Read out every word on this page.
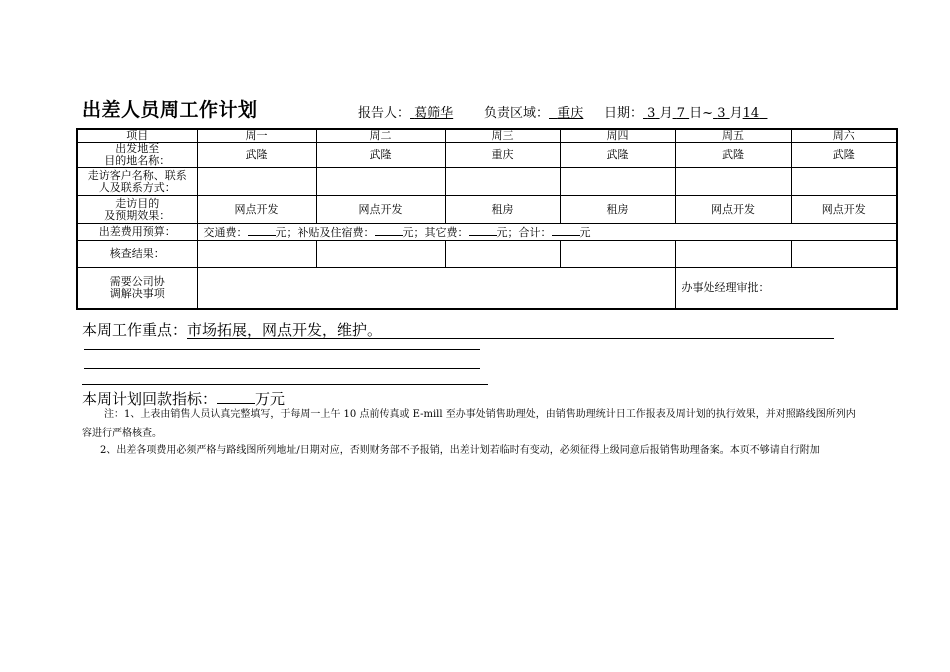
出差人员周工作计划	报告人： 葛筛华	负责区域： 重庆	日期： 3 月 7 日~ 3 月14
项目	周一	周二	周三	周四	周五	周六
出发地至
目的地名称：	武隆	武隆	重庆	武隆	武隆	武隆
走访客户名称、联系
人及联系方式：						
走访目的
及预期效果：	网点开发	网点开发	租房	租房	网点开发	网点开发
出差费用预算：	交通费： 元；补贴及住宿费： 元；其它费： 元；合计： 元					
核查结果：						
需要公司协
调解决事项					办事处经理审批：	
本周工作重点：市场拓展，网点开发，维护。
本周计划回款指标：	万元
注：1、上表由销售人员认真完整填写，于每周一上午 10 点前传真或 E-mill 至办事处销售助理处，由销售助理统计日工作报表及周计划的执行效果，并对照路线图所列内容进行严格核查。
2、出差各项费用必须严格与路线图所列地址/日期对应，否则财务部不予报销，出差计划若临时有变动，必须征得上级同意后报销售助理备案。本页不够请自行附加
